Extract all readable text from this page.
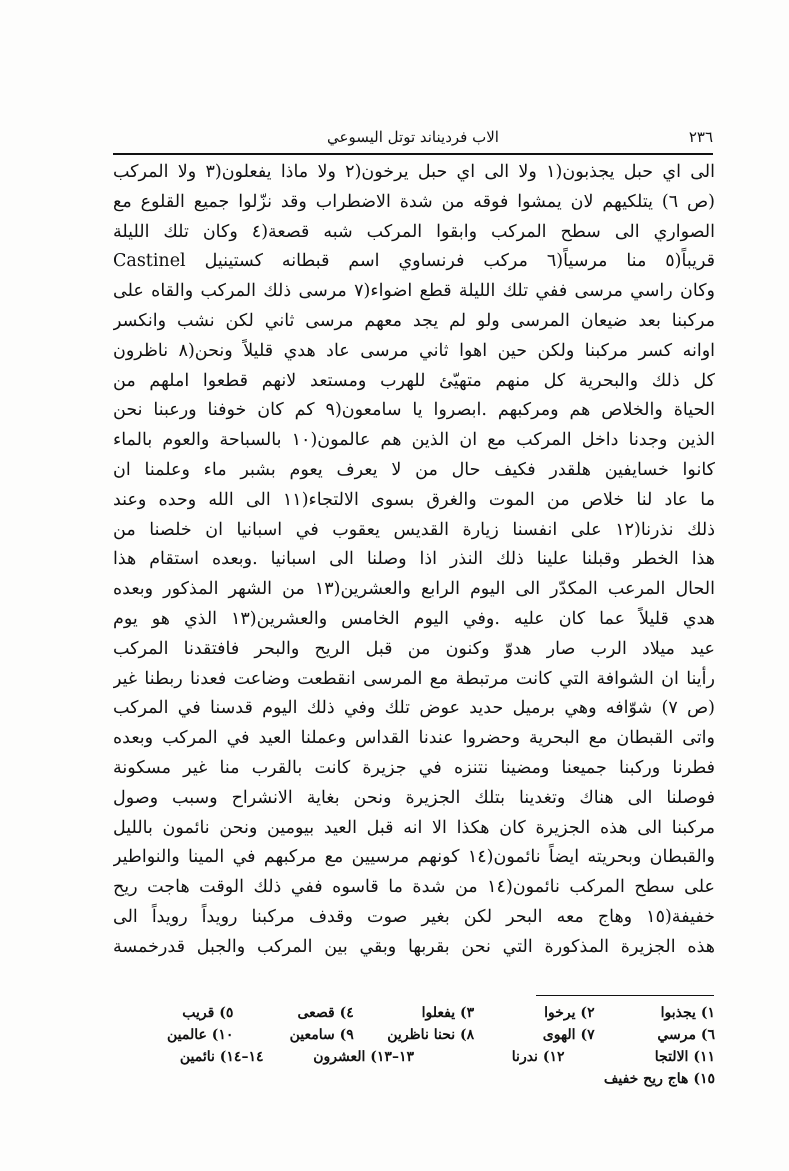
٢٣٦
الاب فرديناند توتل اليسوعي
الى اي حبل يجذبون(١ ولا الى اي حبل يرخون(٢ ولا ماذا يفعلون(٣ ولا المركب
(ص ٦) يتلكيهم لان يمشوا فوقه من شدة الاضطراب وقد نزّلوا جميع القلوع مع
الصواري الى سطح المركب وابقوا المركب شبه قصعة(٤ وكان تلك الليلة
قريباً(٥ منا مرسياً(٦ مركب فرنساوي اسم قبطانه كستينيل Castinel
وكان راسي مرسى ففي تلك الليلة قطع اضواء(٧ مرسى ذلك المركب والقاه على
مركبنا بعد ضيعان المرسى ولو لم يجد معهم مرسى ثاني لكن نشب وانكسر
اوانه كسر مركبنا ولكن حين اهوا ثاني مرسى عاد هدي قليلاً ونحن(٨ ناظرون
كل ذلك والبحرية كل منهم متهيّئ للهرب ومستعد لانهم قطعوا املهم من
الحياة والخلاص هم ومركبهم .ابصروا يا سامعون(٩ كم كان خوفنا ورعبنا نحن
الذين وجدنا داخل المركب مع ان الذين هم عالمون(١٠ بالسباحة والعوم بالماء
كانوا خسايفين هلقدر فكيف حال من لا يعرف يعوم بشبر ماء وعلمنا ان
ما عاد لنا خلاص من الموت والغرق بسوى الالتجاء(١١ الى الله وحده وعند
ذلك نذرنا(١٢ على انفسنا زيارة القديس يعقوب في اسبانيا ان خلصنا من
هذا الخطر وقبلنا علينا ذلك النذر اذا وصلنا الى اسبانيا .وبعده استقام هذا
الحال المرعب المكدّر الى اليوم الرابع والعشرين(١٣ من الشهر المذكور وبعده
هدي قليلاً عما كان عليه .وفي اليوم الخامس والعشرين(١٣ الذي هو يوم
عيد ميلاد الرب صار هدوّ وكنون من قبل الريح والبحر فافتقدنا المركب
رأينا ان الشوافة التي كانت مرتبطة مع المرسى انقطعت وضاعت فعدنا ربطنا غير
(ص ٧) شوّافه وهي برميل حديد عوض تلك وفي ذلك اليوم قدسنا في المركب
واتى القبطان مع البحرية وحضروا عندنا القداس وعملنا العيد في المركب وبعده
فطرنا وركبنا جميعنا ومضينا نتنزه في جزيرة كانت بالقرب منا غير مسكونة
فوصلنا الى هناك وتغدينا بتلك الجزيرة ونحن بغاية الانشراح وسبب وصول
مركبنا الى هذه الجزيرة كان هكذا الا انه قبل العيد بيومين ونحن نائمون بالليل
والقبطان وبحريته ايضاً نائمون(١٤ كونهم مرسيين مع مركبهم في المينا والنواطير
على سطح المركب نائمون(١٤ من شدة ما قاسوه ففي ذلك الوقت هاجت ريح
خفيفة(١٥ وهاج معه البحر لكن بغير صوت وقدف مركبنا رويداً رويداً الى
هذه الجزيرة المذكورة التي نحن بقربها وبقي بين المركب والجبل قدرخمسة
١) يجذبوا
٢) يرخوا
٣) يفعلوا
٤) قصعى
٥) قريب
٦) مرسي
٧) الهوى
٨) نحنا ناظرين
٩) سامعين
١٠) عالمين
١١) الالتجا
١٢) ندرنا
١٣–١٣) العشرون
١٤–١٤) نائمين
١٥) هاج ريح خفيف
